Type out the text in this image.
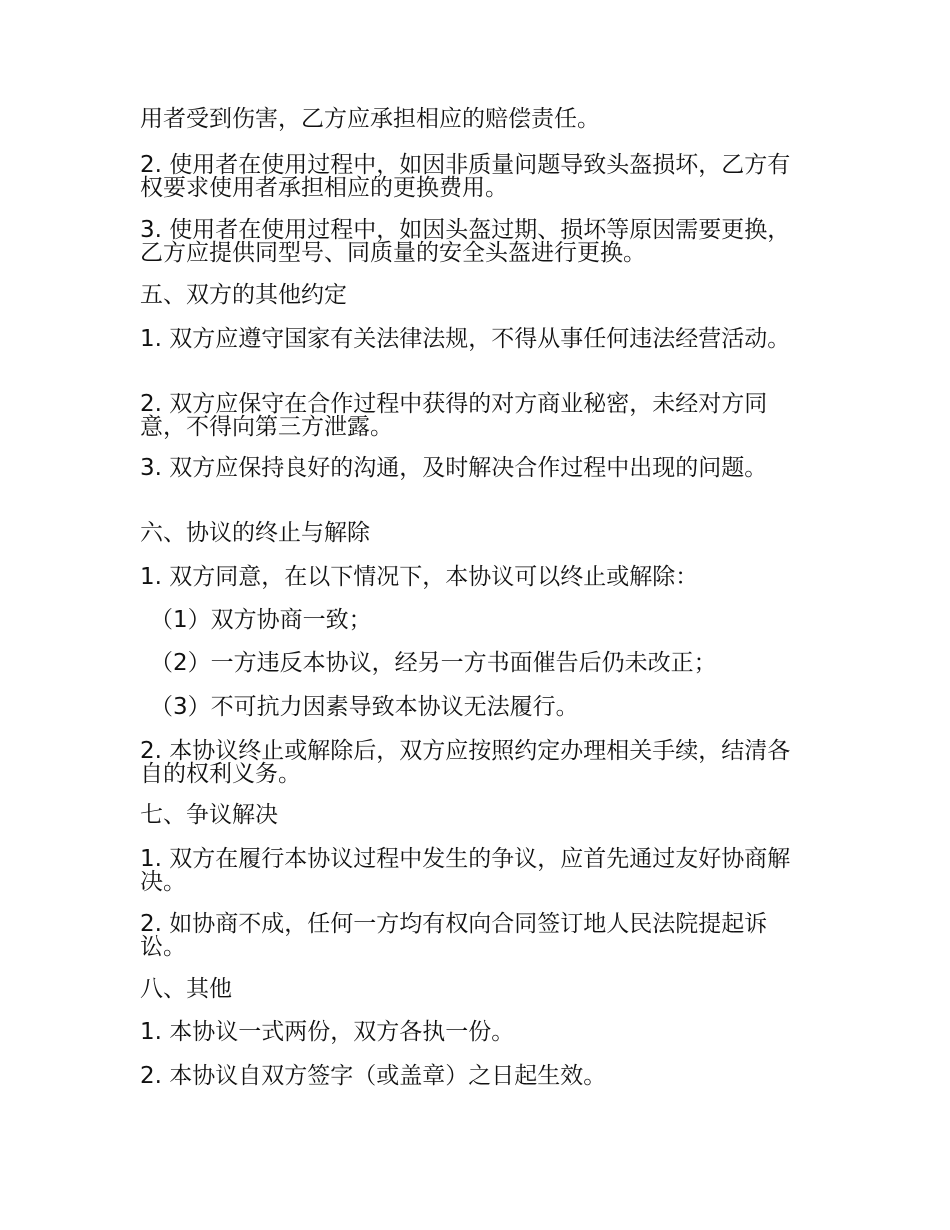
用者受到伤害，乙方应承担相应的赔偿责任。

2. 使用者在使用过程中，如因非质量问题导致头盔损坏，乙方有权要求使用者承担相应的更换费用。

3. 使用者在使用过程中，如因头盔过期、损坏等原因需要更换，乙方应提供同型号、同质量的安全头盔进行更换。

五、双方的其他约定

1. 双方应遵守国家有关法律法规，不得从事任何违法经营活动。

2. 双方应保守在合作过程中获得的对方商业秘密，未经对方同意，不得向第三方泄露。

3. 双方应保持良好的沟通，及时解决合作过程中出现的问题。

六、协议的终止与解除

1. 双方同意，在以下情况下，本协议可以终止或解除：

（1）双方协商一致；

（2）一方违反本协议，经另一方书面催告后仍未改正；

（3）不可抗力因素导致本协议无法履行。

2. 本协议终止或解除后，双方应按照约定办理相关手续，结清各自的权利义务。

七、争议解决

1. 双方在履行本协议过程中发生的争议，应首先通过友好协商解决。

2. 如协商不成，任何一方均有权向合同签订地人民法院提起诉讼。

八、其他

1. 本协议一式两份，双方各执一份。

2. 本协议自双方签字（或盖章）之日起生效。
